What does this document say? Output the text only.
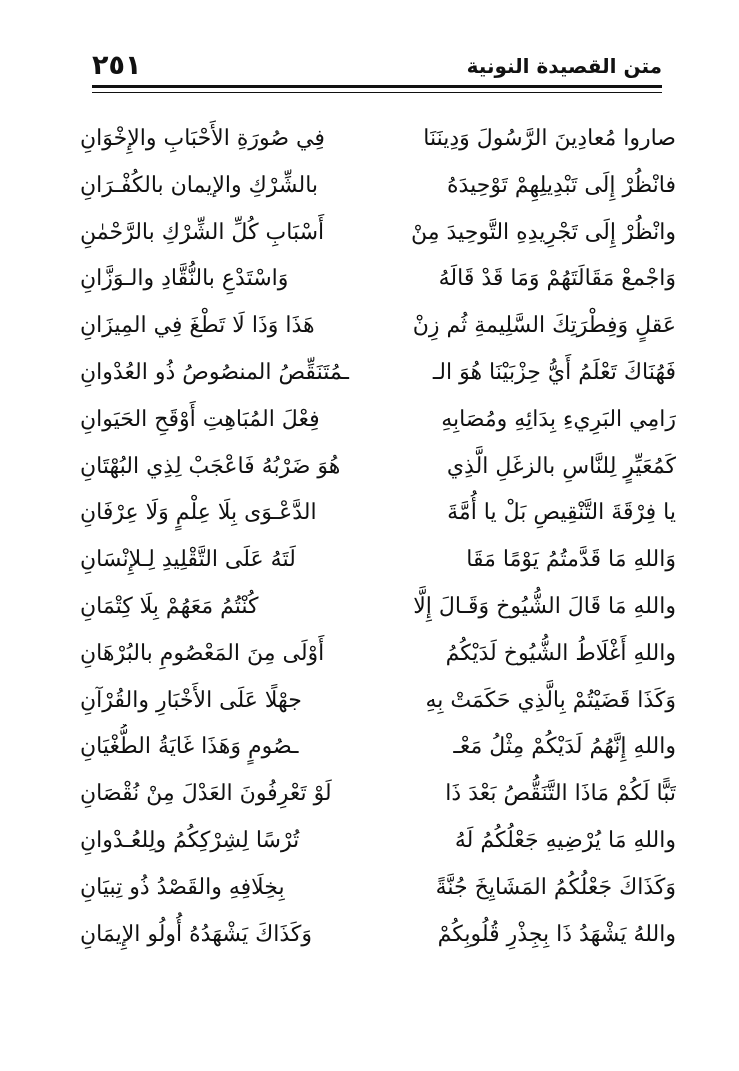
٢٥١	متن القصيدة النونية
صاروا مُعادِينَ الرَّسُولَ وَدِينَنَا
فِي صُورَةِ الأَحْبَابِ والإِخْوَانِ
فانْظُرْ إِلَى تَبْدِيلِهِمْ تَوْحِيدَهُ
بالشِّرْكِ والإيمان بالكُفْـرَانِ
وانْظُرْ إِلَى تَجْرِيدِهِ التَّوحِيدَ مِنْ
أَسْبَابِ كُلِّ الشِّرْكِ بالرَّحْمٰنِ
وَاجْمعْ مَقَالَتَهُمْ وَمَا قَدْ قَالَهُ
وَاسْتَدْعِ بالنُّقَّادِ والـوَزَّانِ
عَقلٍ وَفِطْرَتِكَ السَّلِيمةِ ثُم زِنْ
هَذَا وَذَا لَا تَطْغَ فِي المِيزَانِ
فَهُنَاكَ تَعْلَمُ أَيُّ حِزْبَيْنَا هُوَ الـ
ـمُتَنَقِّصُ المنصُوصُ ذُو العُدْوانِ
رَامِي البَرِيءِ بِدَائِهِ ومُصَابِهِ
فِعْلَ المُبَاهِتِ أَوْقَحِ الحَيَوانِ
كَمُعَيِّرٍ لِلنَّاسِ بالزغَلِ الَّذِي
هُوَ ضَرْبُهُ فَاعْجَبْ لِذِي البُهْتَانِ
يا فِرْقَةَ التَّنْقِيصِ بَلْ يا أُمَّةَ
الدَّعْـوَى بِلَا عِلْمٍ وَلَا عِرْفَانِ
وَاللهِ مَا قَدَّمتُمُ يَوْمًا مَقَا
لَتَهُ عَلَى التَّقْلِيدِ لِـلإِنْسَانِ
واللهِ مَا قَالَ الشُّيُوخ وَقَـالَ إِلَّا
كُنْتُمُ مَعَهُمْ بِلَا كِتْمَانِ
واللهِ أَغْلَاطُ الشُّيُوخ لَدَيْكُمُ
أَوْلَى مِنَ المَعْصُومِ بالبُرْهَانِ
وَكَذَا قَضَيْتُمْ بِالَّذِي حَكَمَتْ بِهِ
جهْلًا عَلَى الأَخْبَارِ والقُرْآنِ
واللهِ إِنَّهُمُ لَدَيْكُمْ مِثْلُ مَعْـ
ـصُومٍ وَهَذَا غَايَةُ الطُّغْيَانِ
تَبًّا لَكُمْ مَاذَا التَّنَقُّصُ بَعْدَ ذَا
لَوْ تَعْرِفُونَ العَدْلَ مِنْ نُقْصَانِ
واللهِ مَا يُرْضِيهِ جَعْلُكُمُ لَهُ
تُرْسًا لِشِرْكِكُمُ ولِلعُـدْوانِ
وَكَذَاكَ جَعْلُكُمُ المَشَايِخَ جُنَّةً
بِخِلَافِهِ والقَصْدُ ذُو تِبيَانِ
واللهُ يَشْهَدُ ذَا بِجِذْرِ قُلُوبِكُمْ
وَكَذَاكَ يَشْهَدُهُ أُولُو الإِيمَانِ
